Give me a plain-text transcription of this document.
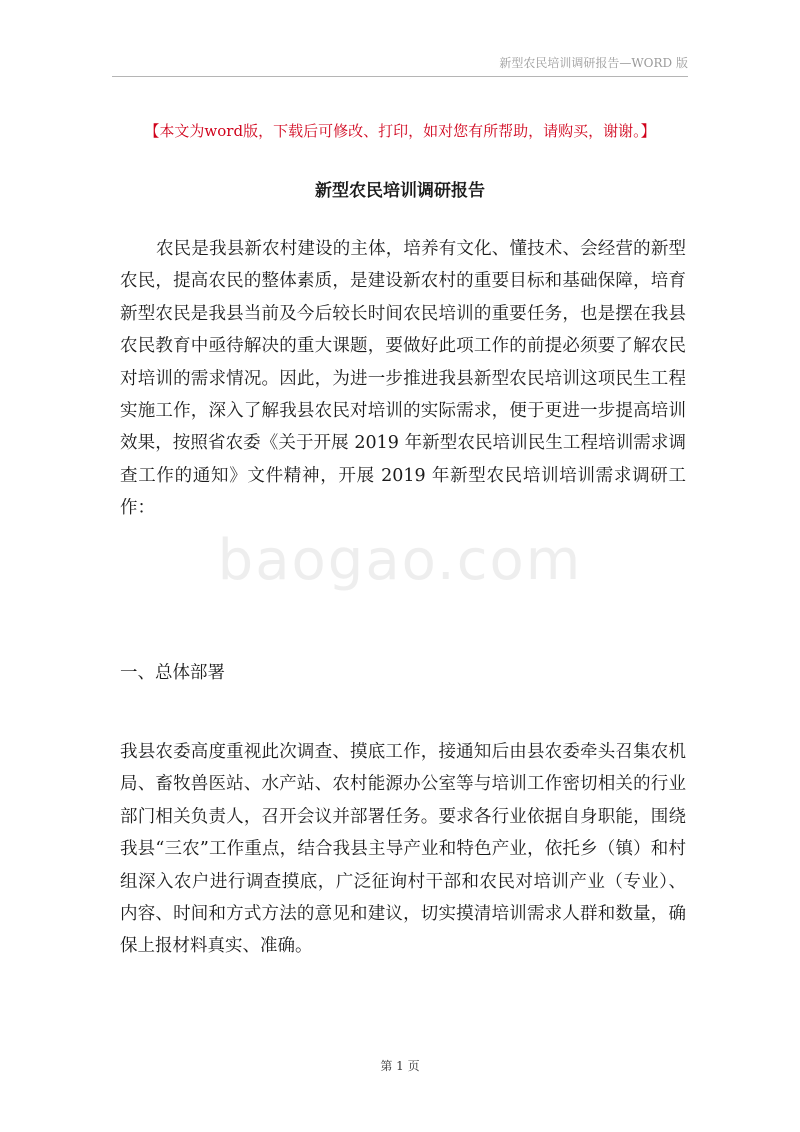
新型农民培训调研报告—WORD 版
【本文为word版，下载后可修改、打印，如对您有所帮助，请购买，谢谢。】
新型农民培训调研报告

农民是我县新农村建设的主体，培养有文化、懂技术、会经营的新型农民，提高农民的整体素质，是建设新农村的重要目标和基础保障，培育新型农民是我县当前及今后较长时间农民培训的重要任务，也是摆在我县农民教育中亟待解决的重大课题，要做好此项工作的前提必须要了解农民对培训的需求情况。因此，为进一步推进我县新型农民培训这项民生工程实施工作，深入了解我县农民对培训的实际需求，便于更进一步提高培训效果，按照省农委《关于开展 2019 年新型农民培训民生工程培训需求调查工作的通知》文件精神，开展 2019 年新型农民培训培训需求调研工作：

一、总体部署

我县农委高度重视此次调查、摸底工作，接通知后由县农委牵头召集农机局、畜牧兽医站、水产站、农村能源办公室等与培训工作密切相关的行业部门相关负责人，召开会议并部署任务。要求各行业依据自身职能，围绕我县“三农”工作重点，结合我县主导产业和特色产业，依托乡（镇）和村组深入农户进行调查摸底，广泛征询村干部和农民对培训产业（专业）、内容、时间和方式方法的意见和建议，切实摸清培训需求人群和数量，确保上报材料真实、准确。

baogao.com
第 1 页
